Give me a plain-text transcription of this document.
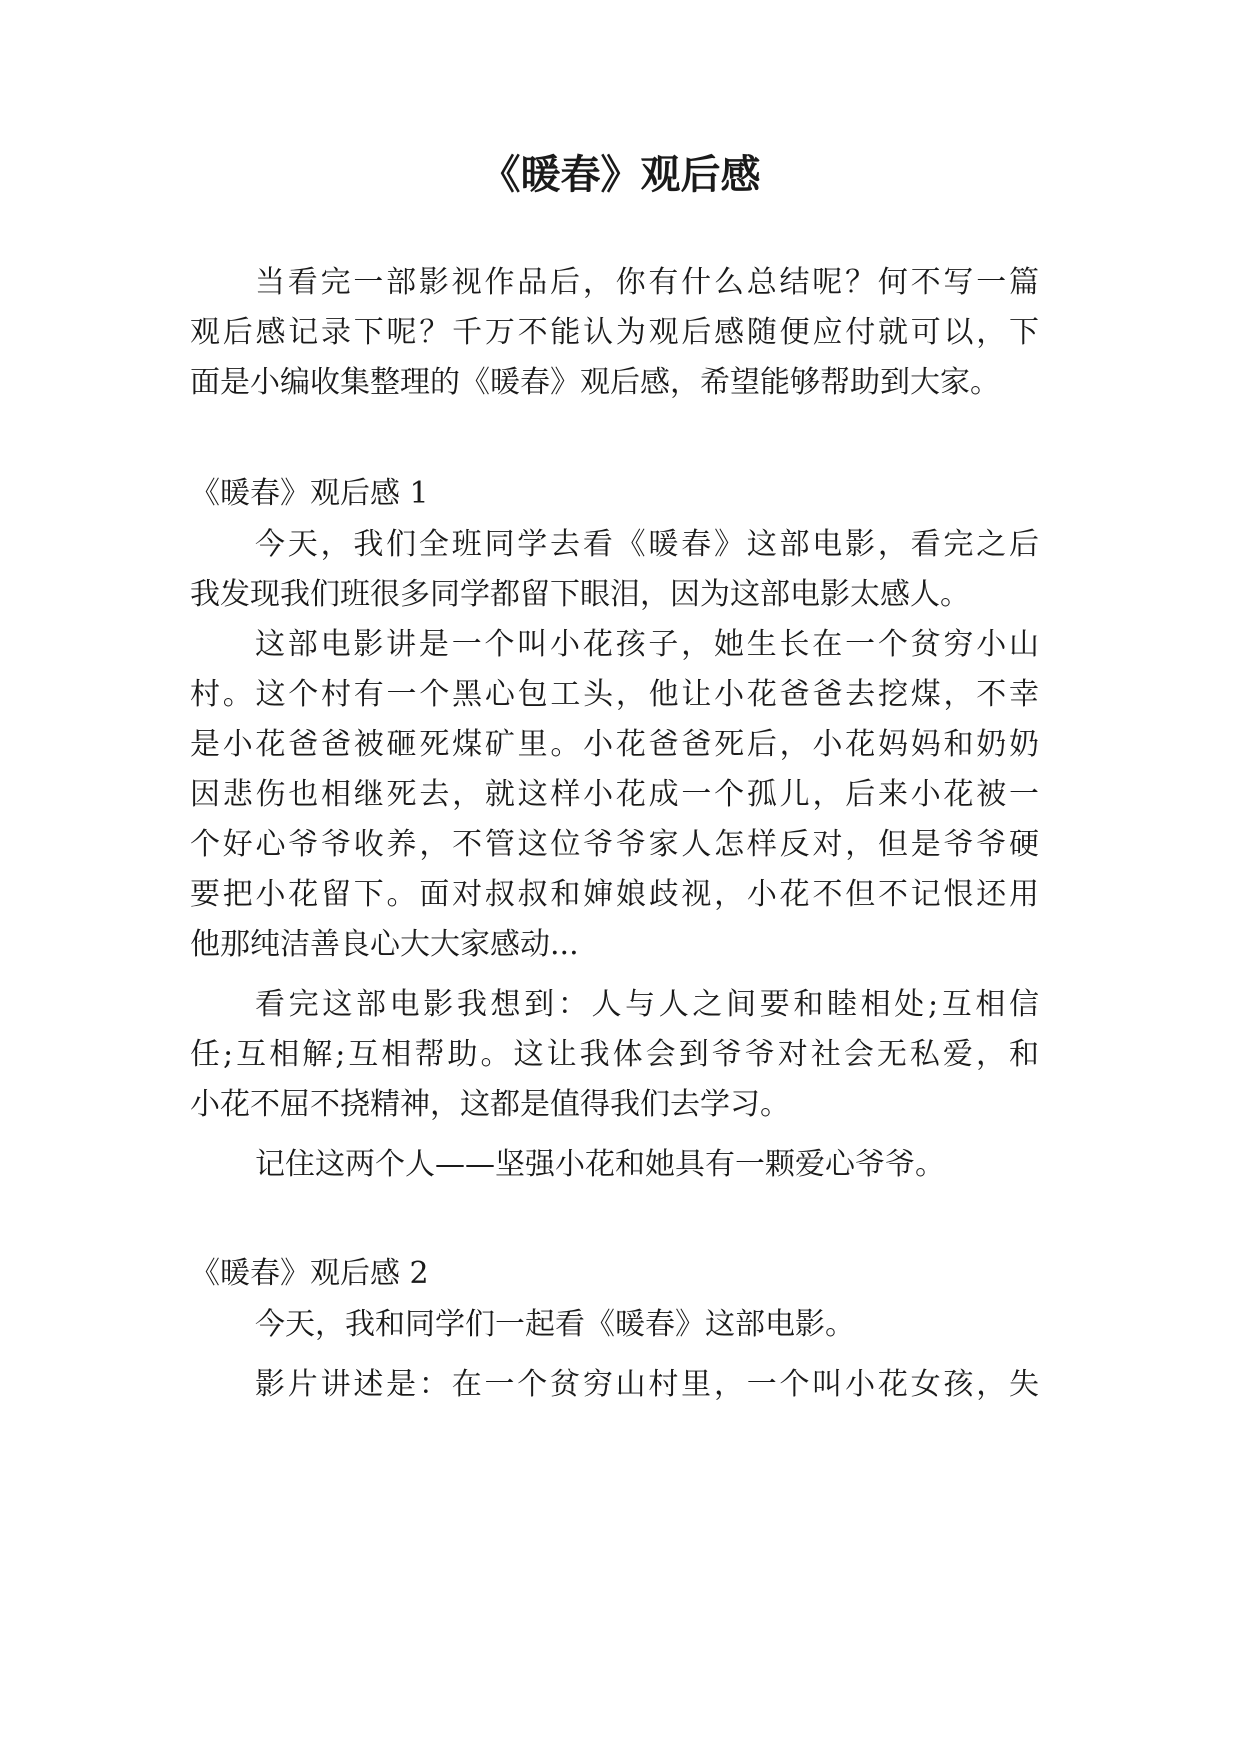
《暖春》观后感

当看完一部影视作品后，你有什么总结呢？何不写一篇

观后感记录下呢？千万不能认为观后感随便应付就可以，下

面是小编收集整理的《暖春》观后感，希望能够帮助到大家。

《暖春》观后感 1

今天，我们全班同学去看《暖春》这部电影，看完之后

我发现我们班很多同学都留下眼泪，因为这部电影太感人。

这部电影讲是一个叫小花孩子，她生长在一个贫穷小山

村。这个村有一个黑心包工头，他让小花爸爸去挖煤，不幸

是小花爸爸被砸死煤矿里。小花爸爸死后，小花妈妈和奶奶

因悲伤也相继死去，就这样小花成一个孤儿，后来小花被一

个好心爷爷收养，不管这位爷爷家人怎样反对，但是爷爷硬

要把小花留下。面对叔叔和婶娘歧视，小花不但不记恨还用

他那纯洁善良心大大家感动...

看完这部电影我想到：人与人之间要和睦相处;互相信

任;互相解;互相帮助。这让我体会到爷爷对社会无私爱，和

小花不屈不挠精神，这都是值得我们去学习。

记住这两个人——坚强小花和她具有一颗爱心爷爷。

《暖春》观后感 2

今天，我和同学们一起看《暖春》这部电影。

影片讲述是：在一个贫穷山村里，一个叫小花女孩，失
